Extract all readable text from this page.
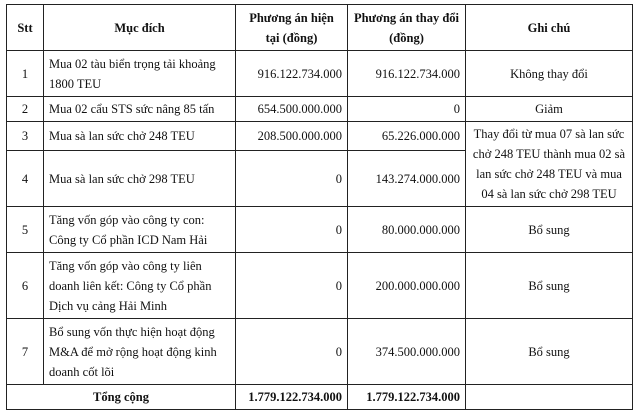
Stt	Mục đích	Phương án hiện tại (đồng)	Phương án thay đổi (đồng)	Ghi chú
1	Mua 02 tàu biển trọng tải khoảng 1800 TEU	916.122.734.000	916.122.734.000	Không thay đổi
2	Mua 02 cẩu STS sức nâng 85 tấn	654.500.000.000	0	Giảm
3	Mua sà lan sức chở 248 TEU	208.500.000.000	65.226.000.000	Thay đổi từ mua 07 sà lan sức chở 248 TEU thành mua 02 sà lan sức chở 248 TEU và mua 04 sà lan sức chở 298 TEU
4	Mua sà lan sức chở 298 TEU	0	143.274.000.000	
5	Tăng vốn góp vào công ty con: Công ty Cổ phần ICD Nam Hải	0	80.000.000.000	Bổ sung
6	Tăng vốn góp vào công ty liên doanh liên kết: Công ty Cổ phần Dịch vụ cảng Hải Minh	0	200.000.000.000	Bổ sung
7	Bổ sung vốn thực hiện hoạt động M&A để mở rộng hoạt động kinh doanh cốt lõi	0	374.500.000.000	Bổ sung
Tổng cộng		1.779.122.734.000	1.779.122.734.000	
